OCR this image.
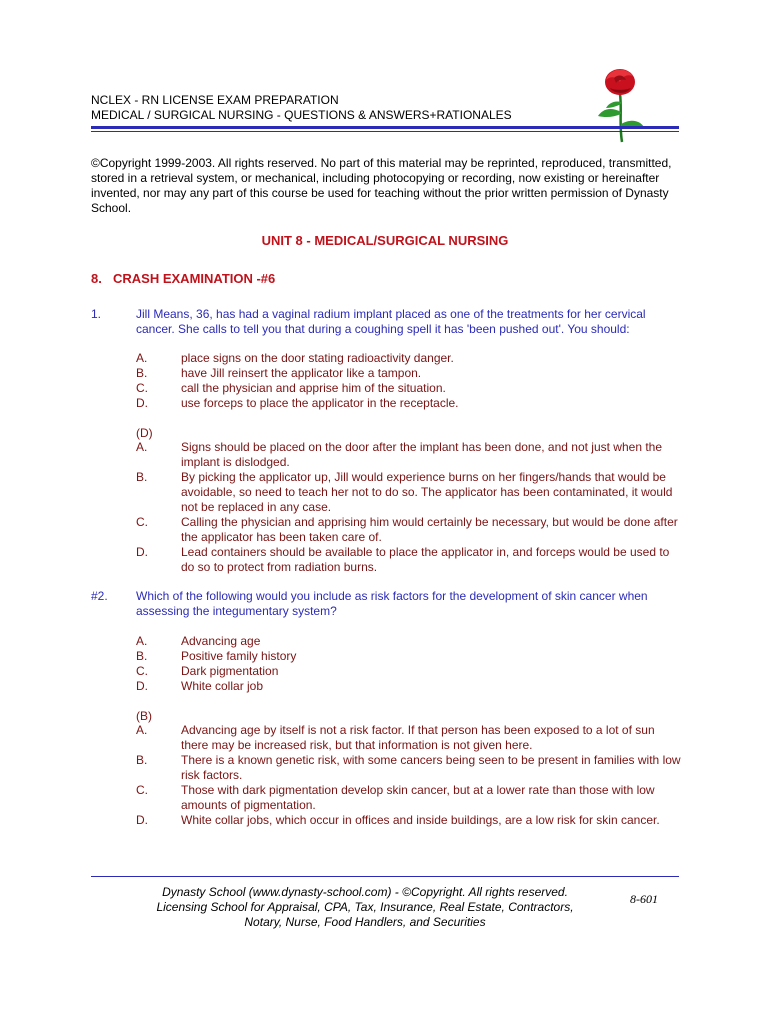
NCLEX - RN LICENSE EXAM PREPARATION
MEDICAL / SURGICAL NURSING - QUESTIONS & ANSWERS+RATIONALES
©Copyright 1999-2003. All rights reserved. No part of this material may be reprinted, reproduced, transmitted, stored in a retrieval system, or mechanical, including photocopying or recording, now existing or hereinafter invented, nor may any part of this course be used for teaching without the prior written permission of Dynasty School.
UNIT 8 - MEDICAL/SURGICAL NURSING
8. CRASH EXAMINATION -#6
1.	Jill Means, 36, has had a vaginal radium implant placed as one of the treatments for her cervical cancer. She calls to tell you that during a coughing spell it has 'been pushed out'. You should:
A.	place signs on the door stating radioactivity danger.
B.	have Jill reinsert the applicator like a tampon.
C.	call the physician and apprise him of the situation.
D.	use forceps to place the applicator in the receptacle.
(D)
A.	Signs should be placed on the door after the implant has been done, and not just when the implant is dislodged.
B.	By picking the applicator up, Jill would experience burns on her fingers/hands that would be avoidable, so need to teach her not to do so. The applicator has been contaminated, it would not be replaced in any case.
C.	Calling the physician and apprising him would certainly be necessary, but would be done after the applicator has been taken care of.
D.	Lead containers should be available to place the applicator in, and forceps would be used to do so to protect from radiation burns.
#2. Which of the following would you include as risk factors for the development of skin cancer when assessing the integumentary system?
A.	Advancing age
B.	Positive family history
C.	Dark pigmentation
D.	White collar job
(B)
A.	Advancing age by itself is not a risk factor. If that person has been exposed to a lot of sun there may be increased risk, but that information is not given here.
B.	There is a known genetic risk, with some cancers being seen to be present in families with low risk factors.
C.	Those with dark pigmentation develop skin cancer, but at a lower rate than those with low amounts of pigmentation.
D.	White collar jobs, which occur in offices and inside buildings, are a low risk for skin cancer.
Dynasty School (www.dynasty-school.com) - ©Copyright. All rights reserved.
Licensing School for Appraisal, CPA, Tax, Insurance, Real Estate, Contractors,
Notary, Nurse, Food Handlers, and Securities
8-601
